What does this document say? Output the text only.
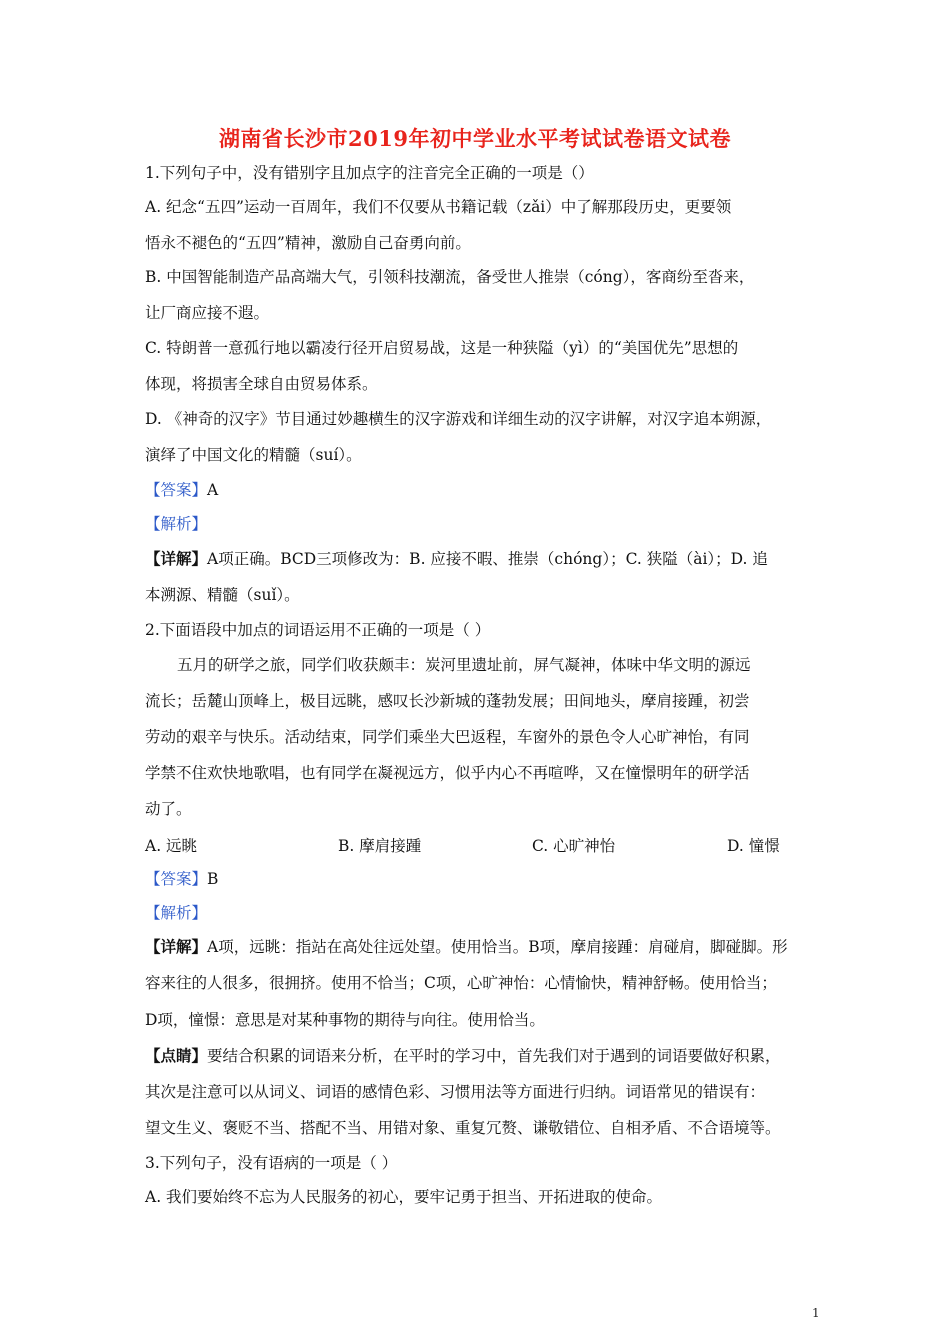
湖南省长沙市2019年初中学业水平考试试卷语文试卷
1.下列句子中，没有错别字且加点字的注音完全正确的一项是（）
A. 纪念“五四”运动一百周年，我们不仅要从书籍记载（zǎi）中了解那段历史，更要领
悟永不褪色的“五四”精神，激励自己奋勇向前。
B. 中国智能制造产品高端大气，引领科技潮流，备受世人推崇（cóng），客商纷至沓来，
让厂商应接不遐。
C. 特朗普一意孤行地以霸凌行径开启贸易战，这是一种狭隘（yì）的“美国优先”思想的
体现，将损害全球自由贸易体系。
D. 《神奇的汉字》节目通过妙趣横生的汉字游戏和详细生动的汉字讲解，对汉字追本朔源，
演绎了中国文化的精髓（suí）。
【答案】A
【解析】
【详解】A项正确。BCD三项修改为：B. 应接不暇、推崇（chóng）；C. 狭隘（ài）；D. 追
本溯源、精髓（suǐ）。
2.下面语段中加点的词语运用不正确的一项是（ ）
五月的研学之旅，同学们收获颇丰：炭河里遗址前，屏气凝神，体味中华文明的源远
流长；岳麓山顶峰上，极目远眺，感叹长沙新城的蓬勃发展；田间地头，摩肩接踵，初尝
劳动的艰辛与快乐。活动结束，同学们乘坐大巴返程，车窗外的景色令人心旷神怡，有同
学禁不住欢快地歌唱，也有同学在凝视远方，似乎内心不再喧哗，又在憧憬明年的研学活
动了。
A. 远眺	B. 摩肩接踵	C. 心旷神怡	D. 憧憬
【答案】B
【解析】
【详解】A项，远眺：指站在高处往远处望。使用恰当。B项，摩肩接踵：肩碰肩，脚碰脚。形
容来往的人很多，很拥挤。使用不恰当；C项，心旷神怡：心情愉快，精神舒畅。使用恰当；
D项，憧憬：意思是对某种事物的期待与向往。使用恰当。
【点睛】要结合积累的词语来分析，在平时的学习中，首先我们对于遇到的词语要做好积累，
其次是注意可以从词义、词语的感情色彩、习惯用法等方面进行归纳。词语常见的错误有：
望文生义、褒贬不当、搭配不当、用错对象、重复冗赘、谦敬错位、自相矛盾、不合语境等。
3.下列句子，没有语病的一项是（ ）
A. 我们要始终不忘为人民服务的初心，要牢记勇于担当、开拓进取的使命。
1
